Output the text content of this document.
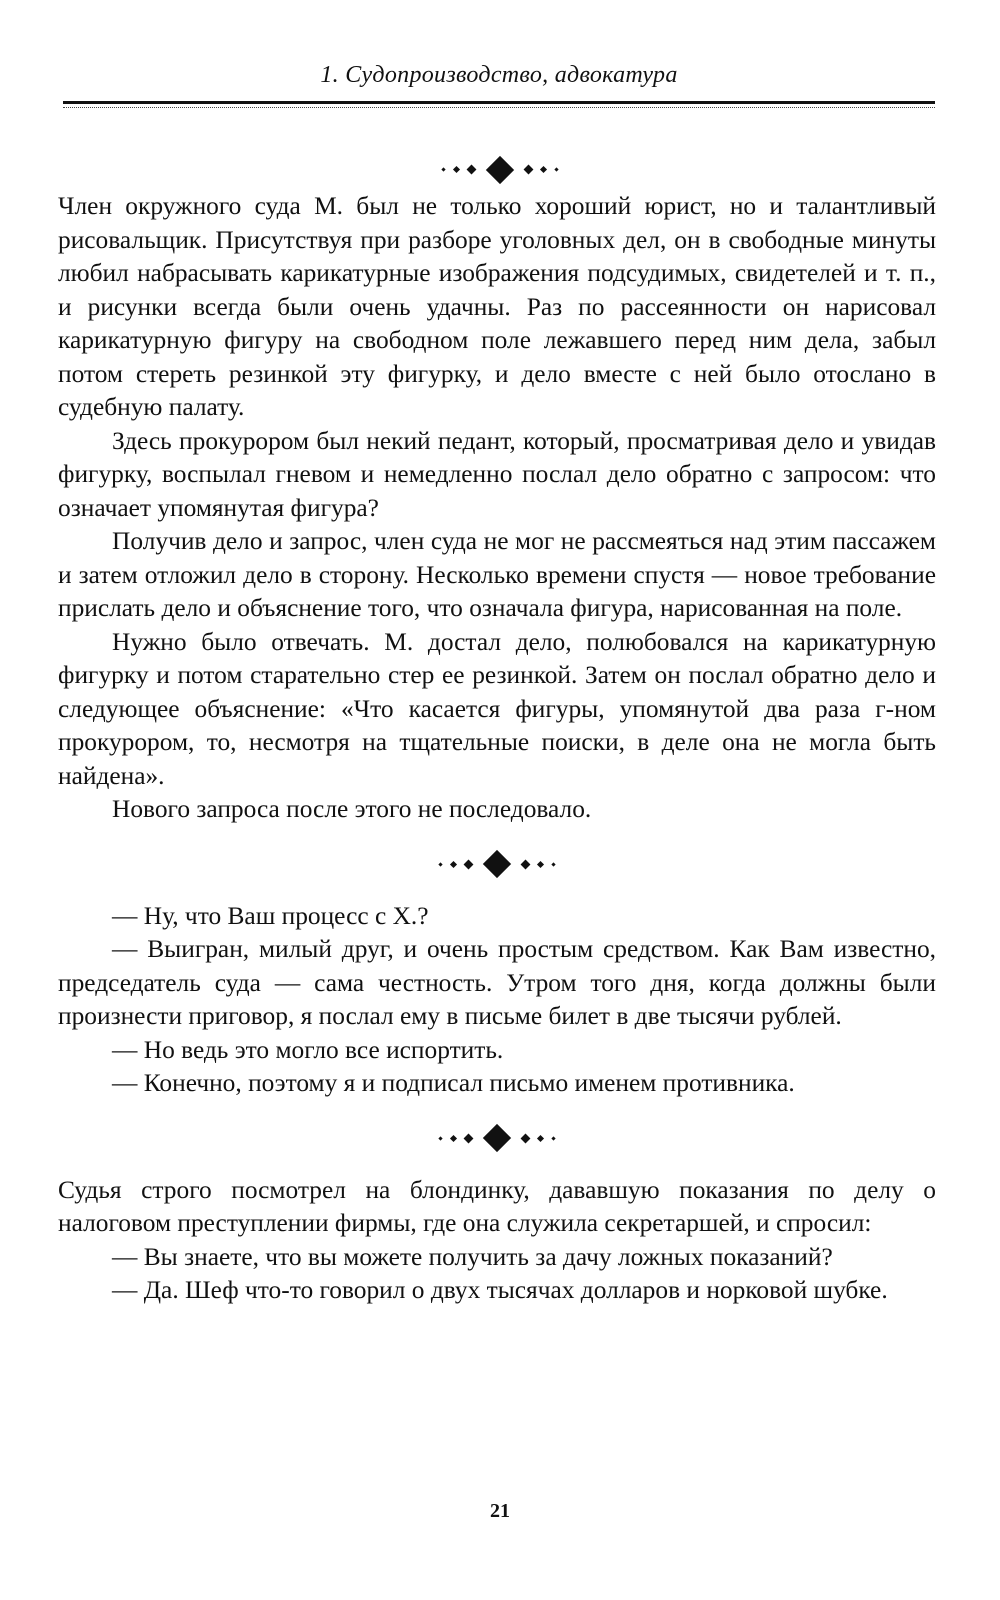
1. Судопроизводство, адвокатура

Член окружного суда М. был не только хороший юрист, но и талантливый рисовальщик. Присутствуя при разборе уголовных дел, он в свободные минуты любил набрасывать карикатурные изображения подсудимых, свидетелей и т. п., и рисунки всегда были очень удачны. Раз по рассеянности он нарисовал карикатурную фигуру на свободном поле лежавшего перед ним дела, забыл потом стереть резинкой эту фигурку, и дело вместе с ней было отослано в судебную палату.

Здесь прокурором был некий педант, который, просматривая дело и увидав фигурку, воспылал гневом и немедленно послал дело обратно с запросом: что означает упомянутая фигура?

Получив дело и запрос, член суда не мог не рассмеяться над этим пассажем и затем отложил дело в сторону. Несколько времени спустя — новое требование прислать дело и объяснение того, что означала фигура, нарисованная на поле.

Нужно было отвечать. М. достал дело, полюбовался на карикатурную фигурку и потом старательно стер ее резинкой. Затем он послал обратно дело и следующее объяснение: «Что касается фигуры, упомянутой два раза г-ном прокурором, то, несмотря на тщательные поиски, в деле она не могла быть найдена».

Нового запроса после этого не последовало.

— Ну, что Ваш процесс с Х.?

— Выигран, милый друг, и очень простым средством. Как Вам известно, председатель суда — сама честность. Утром того дня, когда должны были произнести приговор, я послал ему в письме билет в две тысячи рублей.

— Но ведь это могло все испортить.

— Конечно, поэтому я и подписал письмо именем противника.

Судья строго посмотрел на блондинку, дававшую показания по делу о налоговом преступлении фирмы, где она служила секретаршей, и спросил:

— Вы знаете, что вы можете получить за дачу ложных показаний?

— Да. Шеф что-то говорил о двух тысячах долларов и норковой шубке.

21
